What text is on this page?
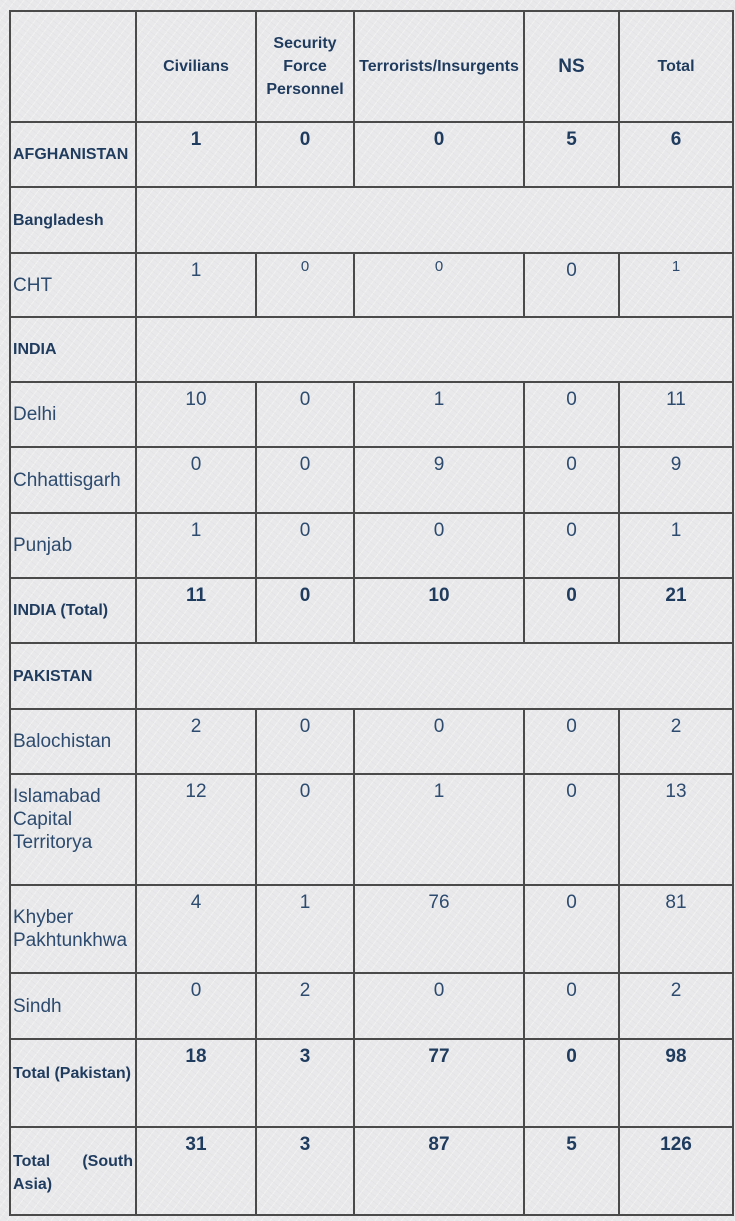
	Civilians	Security Force Personnel	Terrorists/Insurgents	NS	Total
AFGHANISTAN	1	0	0	5	6
Bangladesh					
CHT	1	0	0	0	1
INDIA					
Delhi	10	0	1	0	11
Chhattisgarh	0	0	9	0	9
Punjab	1	0	0	0	1
INDIA (Total)	11	0	10	0	21
PAKISTAN					
Balochistan	2	0	0	0	2
Islamabad Capital Territorya	12	0	1	0	13
Khyber Pakhtunkhwa	4	1	76	0	81
Sindh	0	2	0	0	2
Total (Pakistan)	18	3	77	0	98

Total (South
Asia)	31	3	87	5	126
